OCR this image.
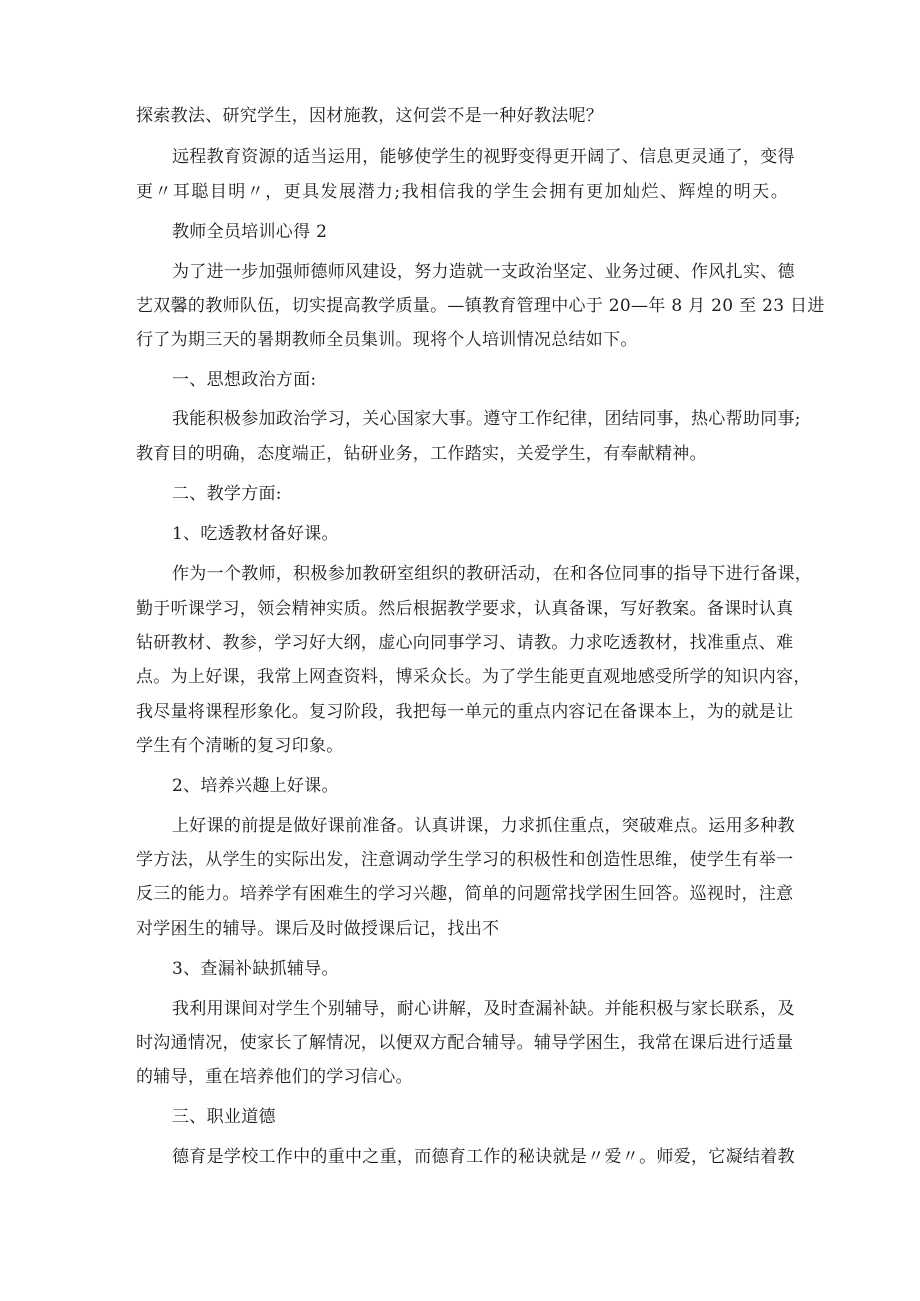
探索教法、研究学生，因材施教，这何尝不是一种好教法呢？

远程教育资源的适当运用，能够使学生的视野变得更开阔了、信息更灵通了，变得

更〃耳聪目明〃，更具发展潜力;我相信我的学生会拥有更加灿烂、辉煌的明天。

教师全员培训心得 2

为了进一步加强师德师风建设，努力造就一支政治坚定、业务过硬、作风扎实、德

艺双馨的教师队伍，切实提高教学质量。—镇教育管理中心于 20—年 8 月 20 至 23 日进

行了为期三天的暑期教师全员集训。现将个人培训情况总结如下。

一、思想政治方面:

我能积极参加政治学习，关心国家大事。遵守工作纪律，团结同事，热心帮助同事;

教育目的明确，态度端正，钻研业务，工作踏实，关爱学生，有奉献精神。

二、教学方面:

1、吃透教材备好课。

作为一个教师，积极参加教研室组织的教研活动，在和各位同事的指导下进行备课，

勤于听课学习，领会精神实质。然后根据教学要求，认真备课，写好教案。备课时认真

钻研教材、教参，学习好大纲，虚心向同事学习、请教。力求吃透教材，找准重点、难

点。为上好课，我常上网查资料，博采众长。为了学生能更直观地感受所学的知识内容，

我尽量将课程形象化。复习阶段，我把每一单元的重点内容记在备课本上，为的就是让

学生有个清晰的复习印象。

2、培养兴趣上好课。

上好课的前提是做好课前准备。认真讲课，力求抓住重点，突破难点。运用多种教

学方法，从学生的实际出发，注意调动学生学习的积极性和创造性思维，使学生有举一

反三的能力。培养学有困难生的学习兴趣，简单的问题常找学困生回答。巡视时，注意

对学困生的辅导。课后及时做授课后记，找出不

3、查漏补缺抓辅导。

我利用课间对学生个别辅导，耐心讲解，及时查漏补缺。并能积极与家长联系，及

时沟通情况，使家长了解情况，以便双方配合辅导。辅导学困生，我常在课后进行适量

的辅导，重在培养他们的学习信心。

三、职业道德

德育是学校工作中的重中之重，而德育工作的秘诀就是〃爱〃。师爱，它凝结着教
